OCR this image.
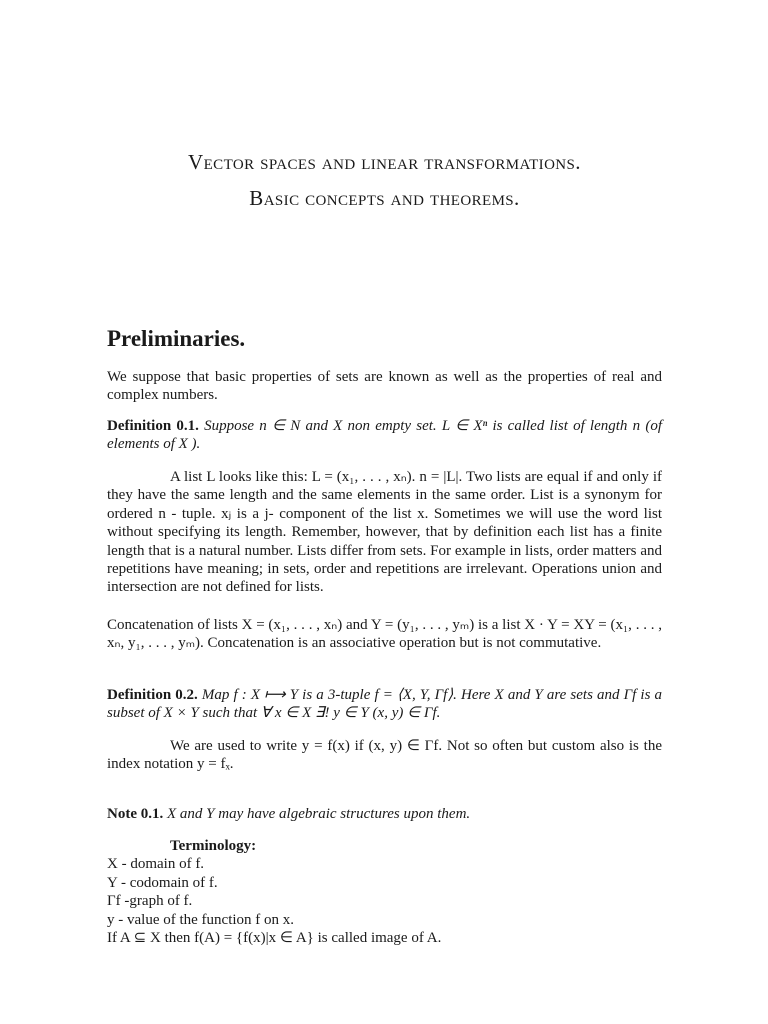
Vector spaces and linear transformations.
Basic concepts and theorems.
Preliminaries.

We suppose that basic properties of sets are known as well as the properties of real and complex numbers.

Definition 0.1. Suppose n ∈ N and X non empty set. L ∈ Xⁿ is called list of length n (of elements of X ).

A list L looks like this: L = (x₁, . . . , xₙ). n = |L|. Two lists are equal if and only if they have the same length and the same elements in the same order. List is a synonym for ordered n - tuple. xⱼ is a j- component of the list x. Sometimes we will use the word list without specifying its length. Remember, however, that by definition each list has a finite length that is a natural number. Lists differ from sets. For example in lists, order matters and repetitions have meaning; in sets, order and repetitions are irrelevant. Operations union and intersection are not defined for lists.

Concatenation of lists X = (x₁, . . . , xₙ) and Y = (y₁, . . . , yₘ) is a list X · Y = XY = (x₁, . . . , xₙ, y₁, . . . , yₘ). Concatenation is an associative operation but is not commutative.

Definition 0.2. Map f : X ⟼ Y is a 3-tuple f = ⟨X, Y, Γf⟩. Here X and Y are sets and Γf is a subset of X × Y such that ∀ x ∈ X ∃! y ∈ Y (x, y) ∈ Γf.

We are used to write y = f(x) if (x, y) ∈ Γf. Not so often but custom also is the index notation y = fₓ.

Note 0.1. X and Y may have algebraic structures upon them.

Terminology:
X - domain of f.
Y - codomain of f.
Γf -graph of f.
y - value of the function f on x.
If A ⊆ X then f(A) = {f(x)|x ∈ A} is called image of A.
